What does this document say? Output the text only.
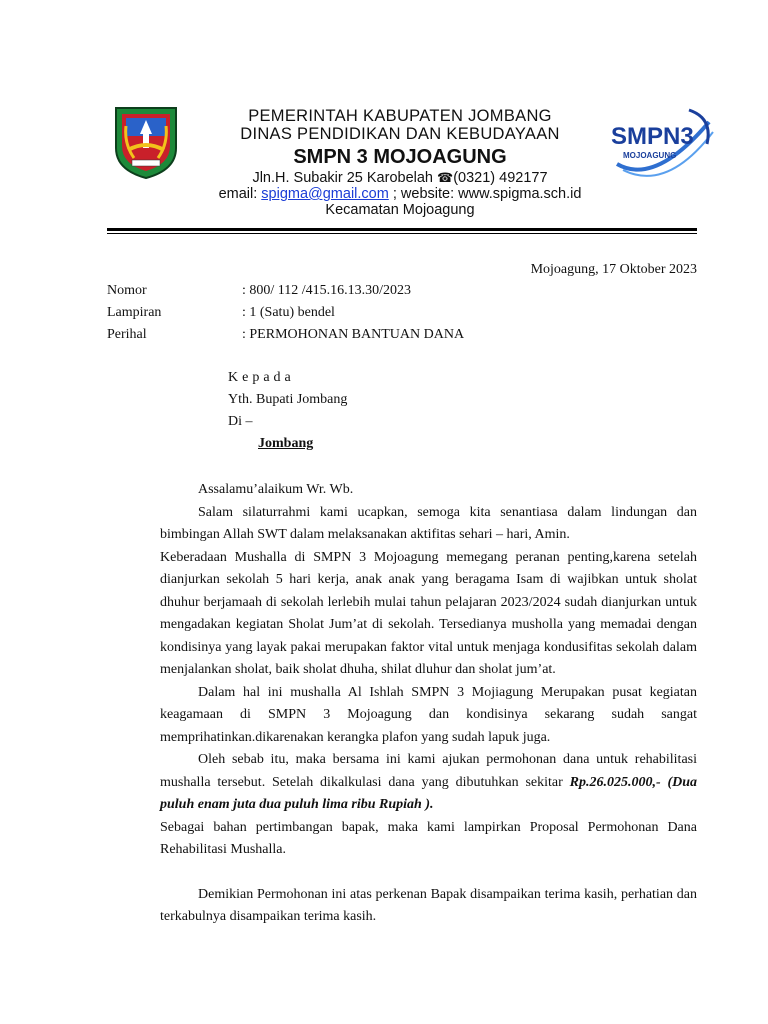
PEMERINTAH KABUPATEN JOMBANG
DINAS PENDIDIKAN DAN KEBUDAYAAN
SMPN 3 MOJOAGUNG
Jln.H. Subakir 25 Karobelah ☎(0321) 492177
email: spigma@gmail.com ; website: www.spigma.sch.id
Kecamatan Mojoagung
SMPN3
MOJOAGUNG
Mojoagung, 17 Oktober 2023
Nomor	: 800/ 112 /415.16.13.30/2023
Lampiran	: 1 (Satu) bendel
Perihal	: PERMOHONAN BANTUAN DANA
Kepada
Yth. Bupati Jombang
Di –
Jombang

Assalamu’alaikum Wr. Wb.

Salam silaturrahmi kami ucapkan, semoga kita senantiasa dalam lindungan dan bimbingan Allah SWT dalam melaksanakan aktifitas sehari – hari, Amin.

Keberadaan Mushalla di SMPN 3 Mojoagung memegang peranan penting,karena setelah dianjurkan sekolah 5 hari kerja, anak anak yang beragama Isam di wajibkan untuk sholat dhuhur berjamaah di sekolah lerlebih mulai tahun pelajaran 2023/2024 sudah dianjurkan untuk mengadakan kegiatan Sholat Jum’at di sekolah. Tersedianya musholla yang memadai dengan kondisinya yang layak pakai merupakan faktor vital untuk menjaga kondusifitas sekolah dalam menjalankan sholat, baik sholat dhuha, shilat dluhur dan sholat jum’at.

Dalam hal ini mushalla Al Ishlah SMPN 3 Mojiagung Merupakan pusat kegiatan keagamaan di SMPN 3 Mojoagung dan kondisinya sekarang sudah sangat memprihatinkan.dikarenakan kerangka plafon yang sudah lapuk juga.

Oleh sebab itu, maka bersama ini kami ajukan permohonan dana untuk rehabilitasi mushalla tersebut. Setelah dikalkulasi dana yang dibutuhkan sekitar Rp.26.025.000,- (Dua puluh enam juta dua puluh lima ribu Rupiah ).

Sebagai bahan pertimbangan bapak, maka kami lampirkan Proposal Permohonan Dana Rehabilitasi Mushalla.

Demikian Permohonan ini atas perkenan Bapak disampaikan terima kasih, perhatian dan terkabulnya disampaikan terima kasih.
